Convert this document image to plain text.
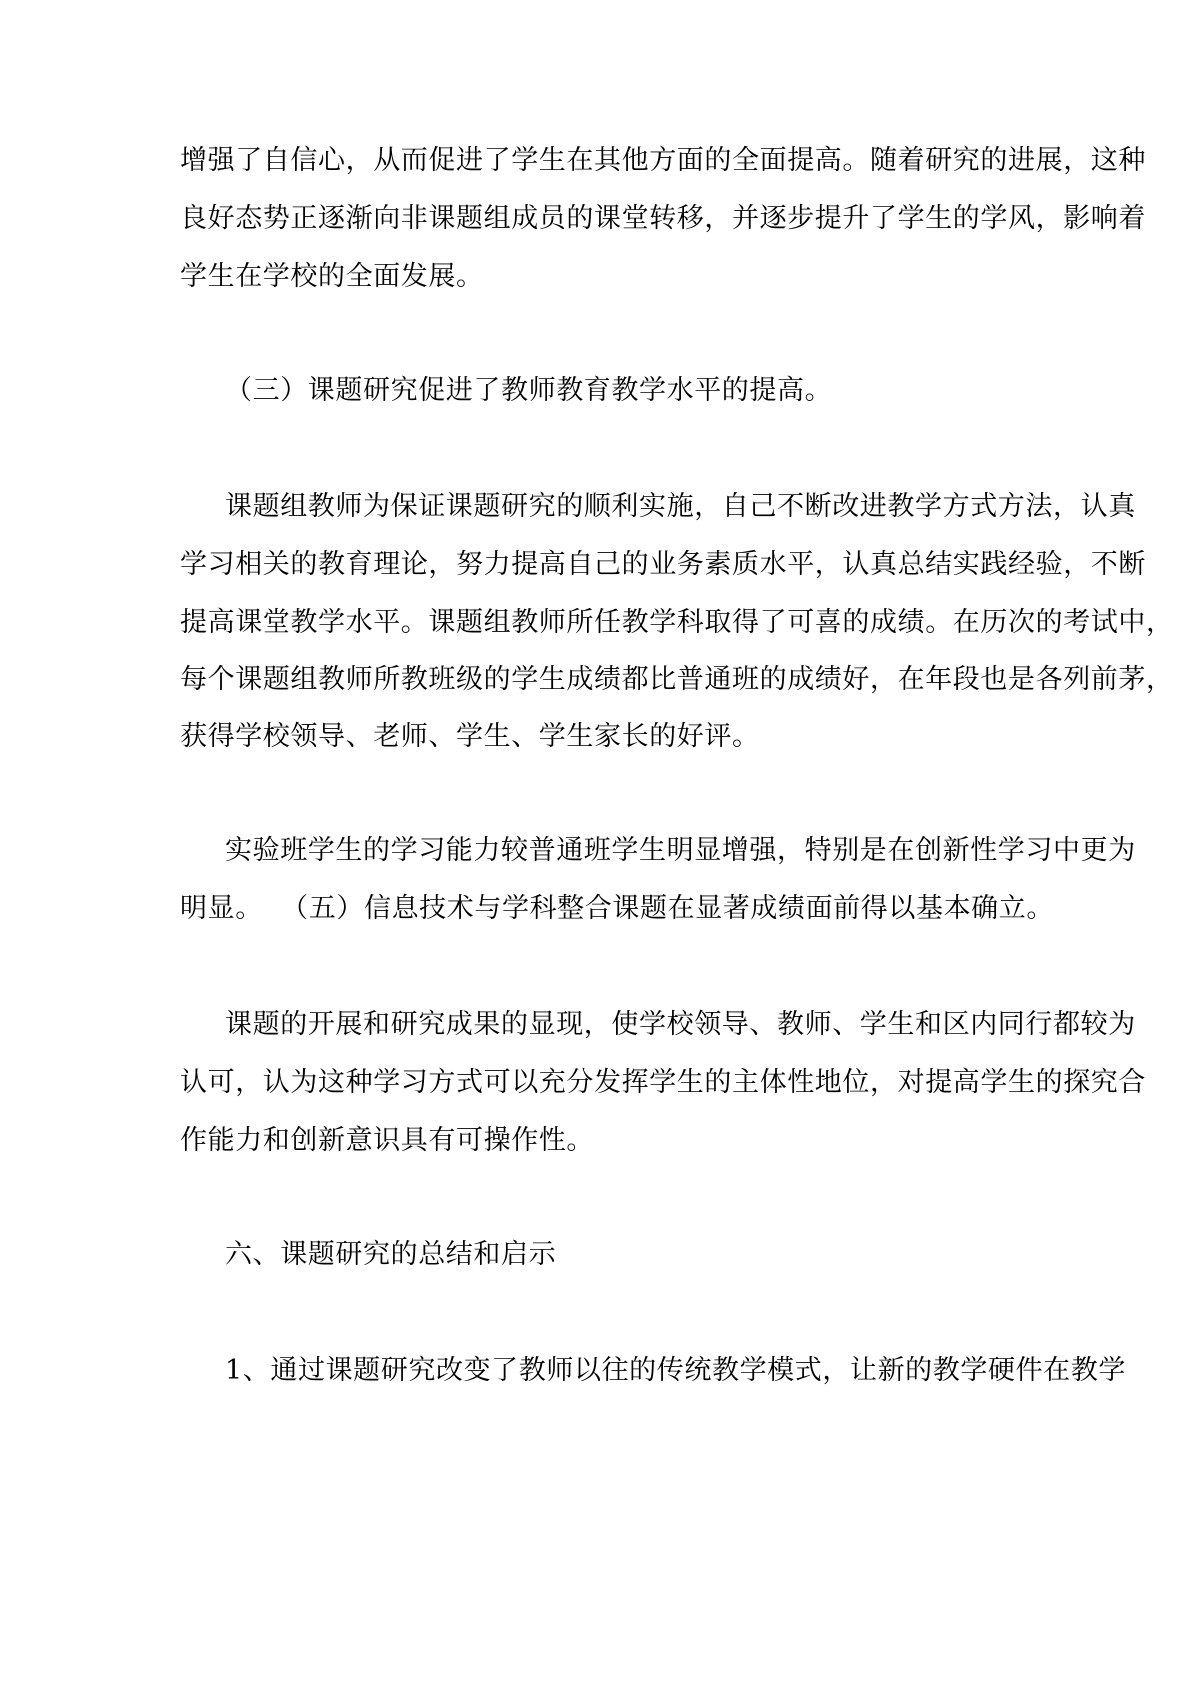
增强了自信心，从而促进了学生在其他方面的全面提高。随着研究的进展，这种
良好态势正逐渐向非课题组成员的课堂转移，并逐步提升了学生的学风，影响着
学生在学校的全面发展。
（三）课题研究促进了教师教育教学水平的提高。
课题组教师为保证课题研究的顺利实施，自己不断改进教学方式方法，认真
学习相关的教育理论，努力提高自己的业务素质水平，认真总结实践经验，不断
提高课堂教学水平。课题组教师所任教学科取得了可喜的成绩。在历次的考试中，
每个课题组教师所教班级的学生成绩都比普通班的成绩好，在年段也是各列前茅，
获得学校领导、老师、学生、学生家长的好评。
实验班学生的学习能力较普通班学生明显增强，特别是在创新性学习中更为
明显。  （五）信息技术与学科整合课题在显著成绩面前得以基本确立。
课题的开展和研究成果的显现，使学校领导、教师、学生和区内同行都较为
认可，认为这种学习方式可以充分发挥学生的主体性地位，对提高学生的探究合
作能力和创新意识具有可操作性。
六、课题研究的总结和启示
1、通过课题研究改变了教师以往的传统教学模式，让新的教学硬件在教学
